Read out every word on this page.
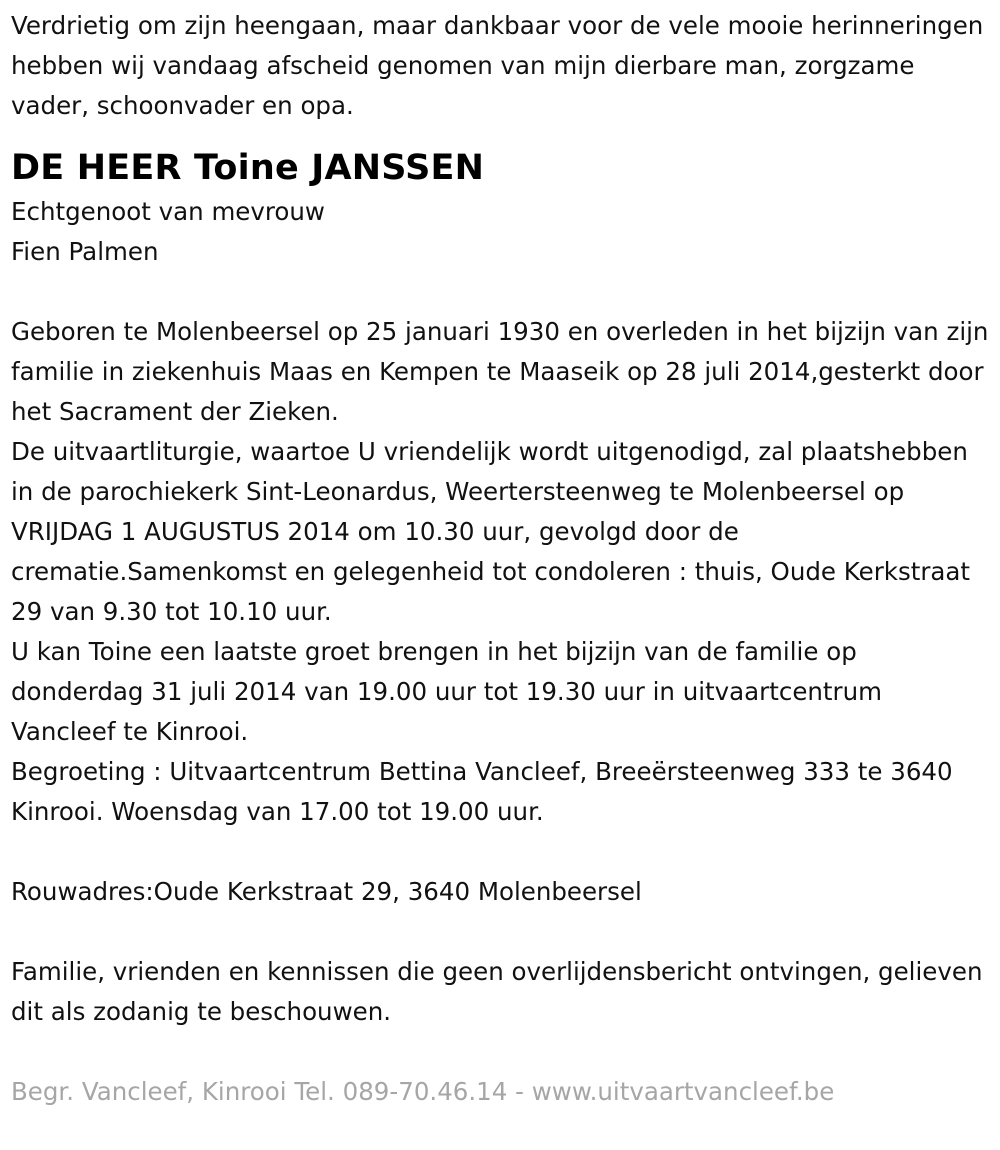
Verdrietig om zijn heengaan, maar dankbaar voor de vele mooie herinneringen hebben wij vandaag afscheid genomen van mijn dierbare man, zorgzame vader, schoonvader en opa.

DE HEER Toine JANSSEN

Echtgenoot van mevrouw

Fien Palmen

Geboren te Molenbeersel op 25 januari 1930 en overleden in het bijzijn van zijn familie in ziekenhuis Maas en Kempen te Maaseik op 28 juli 2014,gesterkt door het Sacrament der Zieken.

De uitvaartliturgie, waartoe U vriendelijk wordt uitgenodigd, zal plaatshebben in de parochiekerk Sint-Leonardus, Weertersteenweg te Molenbeersel op VRIJDAG 1 AUGUSTUS 2014 om 10.30 uur, gevolgd door de crematie.Samenkomst en gelegenheid tot condoleren : thuis, Oude Kerkstraat 29 van 9.30 tot 10.10 uur.

U kan Toine een laatste groet brengen in het bijzijn van de familie op donderdag 31 juli 2014 van 19.00 uur tot 19.30 uur in uitvaartcentrum Vancleef te Kinrooi.

Begroeting : Uitvaartcentrum Bettina Vancleef, Breeërsteenweg 333 te 3640 Kinrooi. Woensdag van 17.00 tot 19.00 uur.

Rouwadres:Oude Kerkstraat 29, 3640 Molenbeersel

Familie, vrienden en kennissen die geen overlijdensbericht ontvingen, gelieven dit als zodanig te beschouwen.

Begr. Vancleef, Kinrooi Tel. 089-70.46.14 - www.uitvaartvancleef.be
